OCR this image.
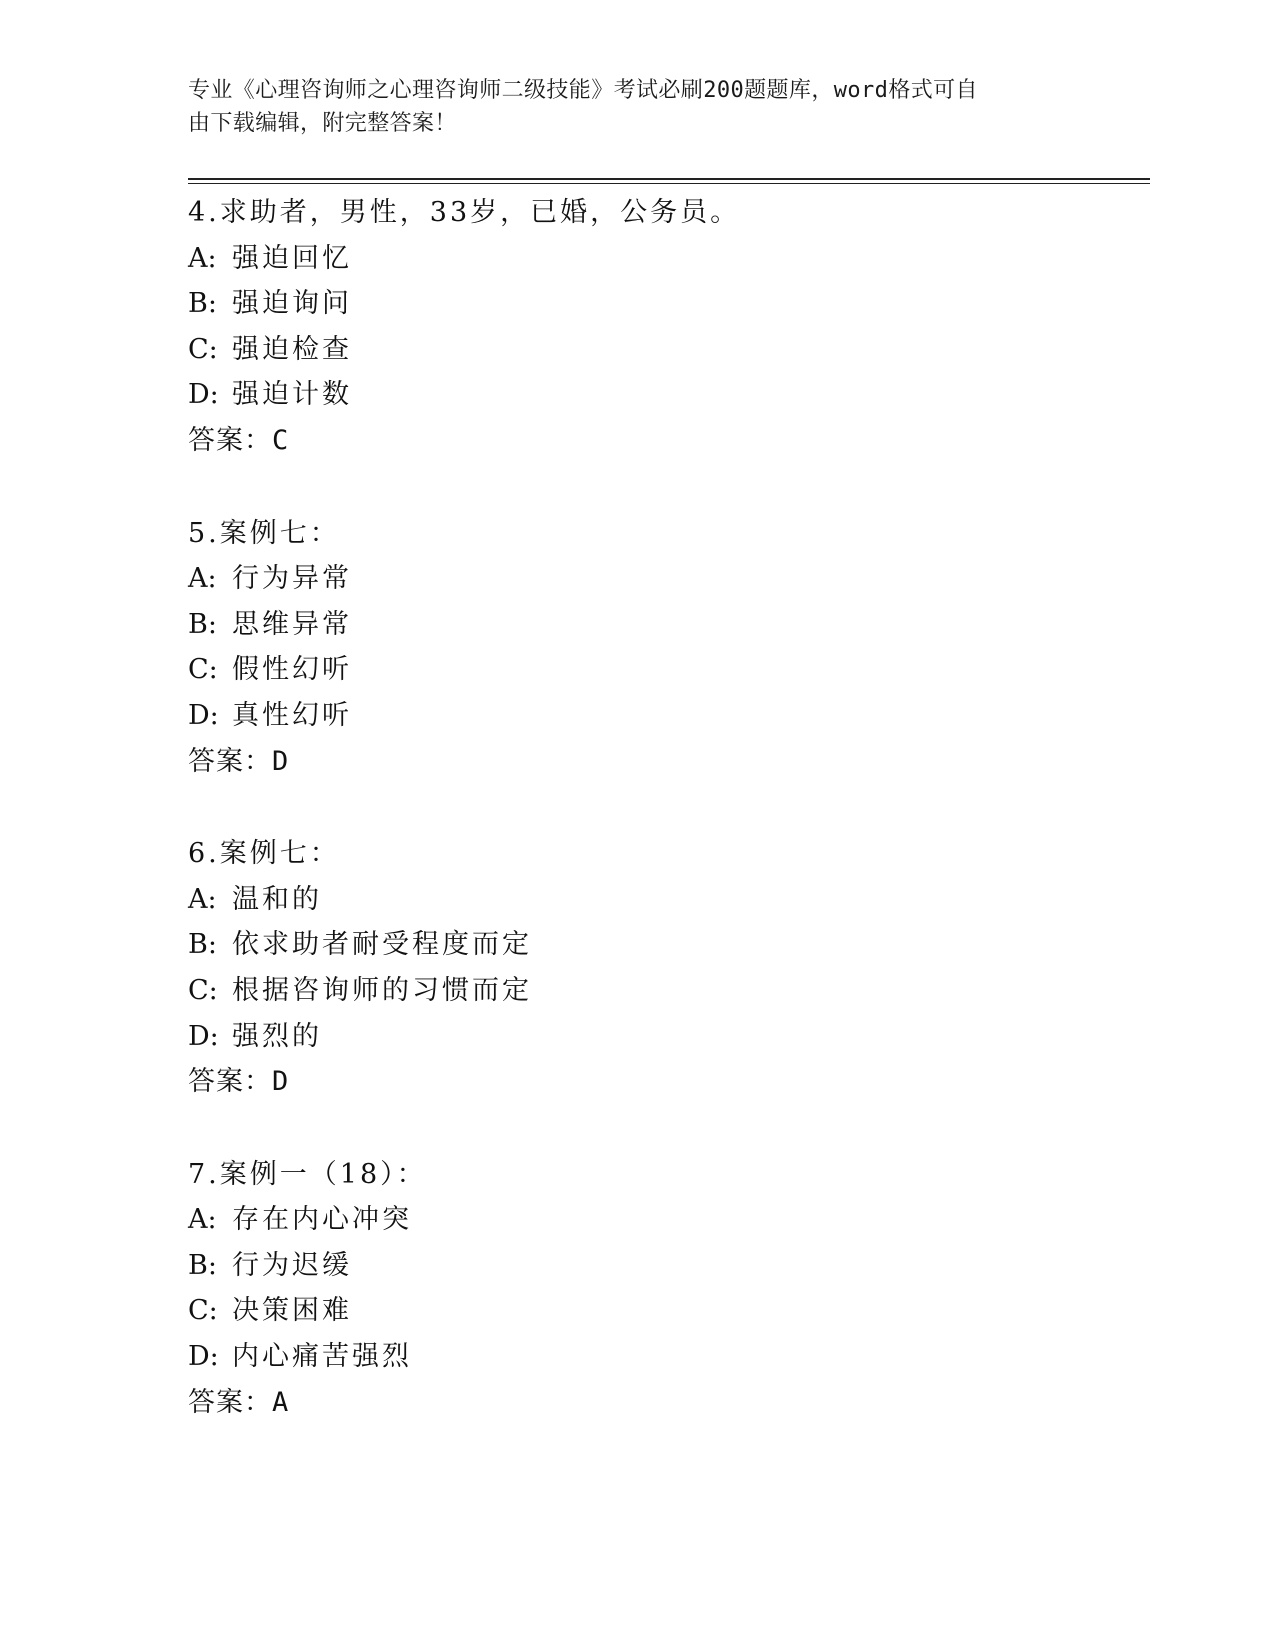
专业《心理咨询师之心理咨询师二级技能》考试必刷200题题库，word格式可自
由下载编辑，附完整答案！
4.求助者，男性，33岁，已婚，公务员。
A: 强迫回忆
B: 强迫询问
C: 强迫检查
D: 强迫计数
答案：C
5.案例七：
A: 行为异常
B: 思维异常
C: 假性幻听
D: 真性幻听
答案：D
6.案例七：
A: 温和的
B: 依求助者耐受程度而定
C: 根据咨询师的习惯而定
D: 强烈的
答案：D
7.案例一（18）：
A: 存在内心冲突
B: 行为迟缓
C: 决策困难
D: 内心痛苦强烈
答案：A
